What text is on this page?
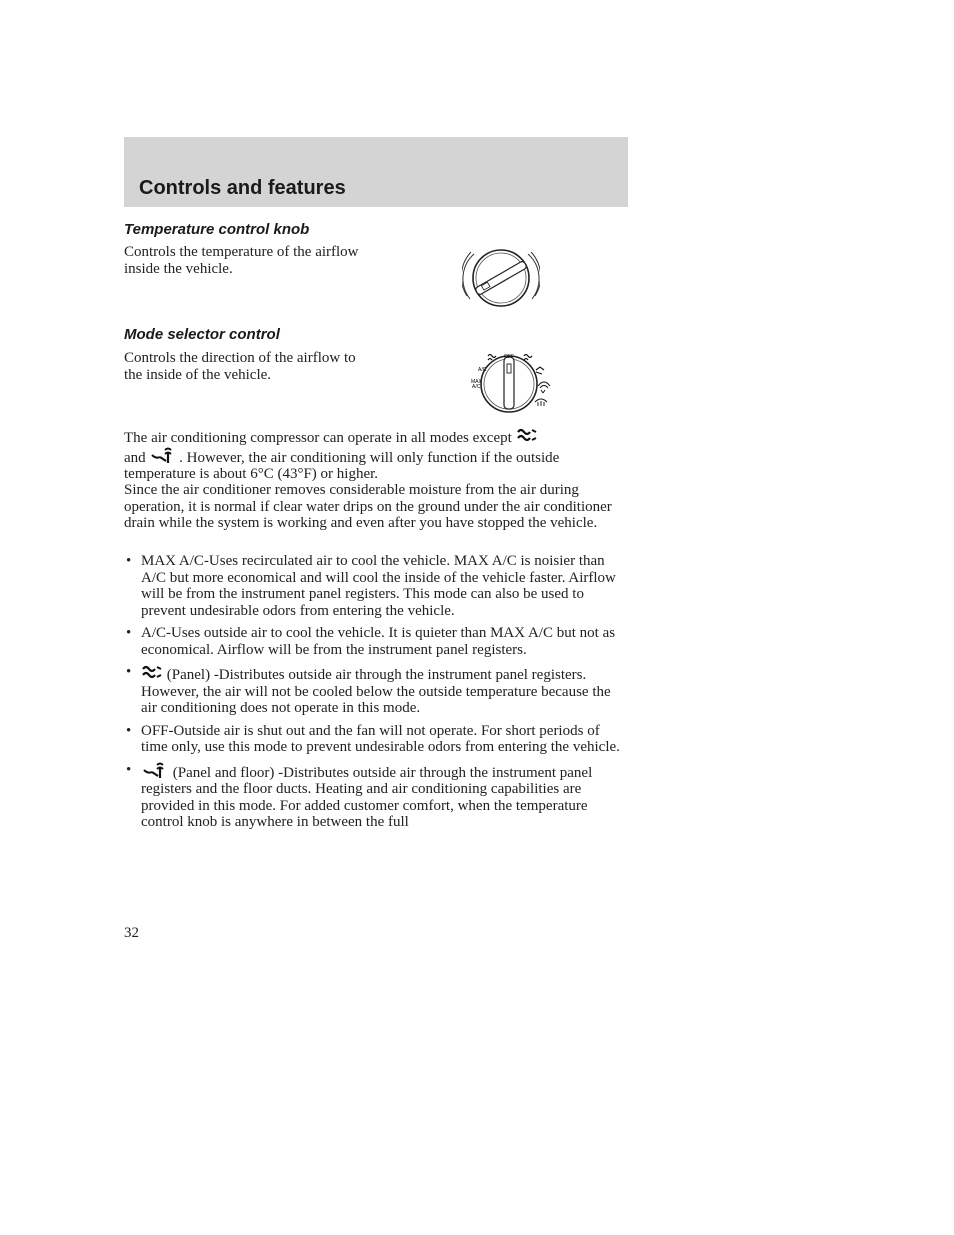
Controls and features
Temperature control knob
Controls the temperature of the airflow inside the vehicle.
Mode selector control
Controls the direction of the airflow to the inside of the vehicle.
OFF
A/C
MAX
A/C
The air conditioning compressor can operate in all modes except
and . However, the air conditioning will only function if the outside temperature is about 6°C (43°F) or higher.
Since the air conditioner removes considerable moisture from the air during operation, it is normal if clear water drips on the ground under the air conditioner drain while the system is working and even after you have stopped the vehicle.
• MAX A/C-Uses recirculated air to cool the vehicle. MAX A/C is noisier than A/C but more economical and will cool the inside of the vehicle faster. Airflow will be from the instrument panel registers. This mode can also be used to prevent undesirable odors from entering the vehicle.
• A/C-Uses outside air to cool the vehicle. It is quieter than MAX A/C but not as economical. Airflow will be from the instrument panel registers.
• (Panel) -Distributes outside air through the instrument panel registers. However, the air will not be cooled below the outside temperature because the air conditioning does not operate in this mode.
• OFF-Outside air is shut out and the fan will not operate. For short periods of time only, use this mode to prevent undesirable odors from entering the vehicle.
•	(Panel and floor) -Distributes outside air through the instrument panel registers and the floor ducts. Heating and air conditioning capabilities are provided in this mode. For added customer comfort, when the temperature control knob is anywhere in between the full
32
